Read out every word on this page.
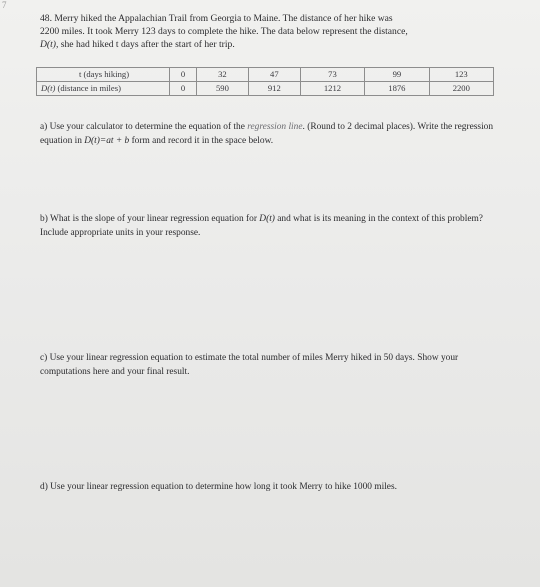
7
48. Merry hiked the Appalachian Trail from Georgia to Maine. The distance of her hike was
2200 miles. It took Merry 123 days to complete the hike. The data below represent the distance,
D(t), she had hiked t days after the start of her trip.
t (days hiking)	0	32	47	73	99	123
D(t) (distance in miles)	0	590	912	1212	1876	2200
a) Use your calculator to determine the equation of the regression line. (Round to 2 decimal places). Write the regression equation in D(t)=at + b form and record it in the space below.
b) What is the slope of your linear regression equation for D(t) and what is its meaning in the context of this problem? Include appropriate units in your response.
c) Use your linear regression equation to estimate the total number of miles Merry hiked in 50 days. Show your computations here and your final result.
d) Use your linear regression equation to determine how long it took Merry to hike 1000 miles.
